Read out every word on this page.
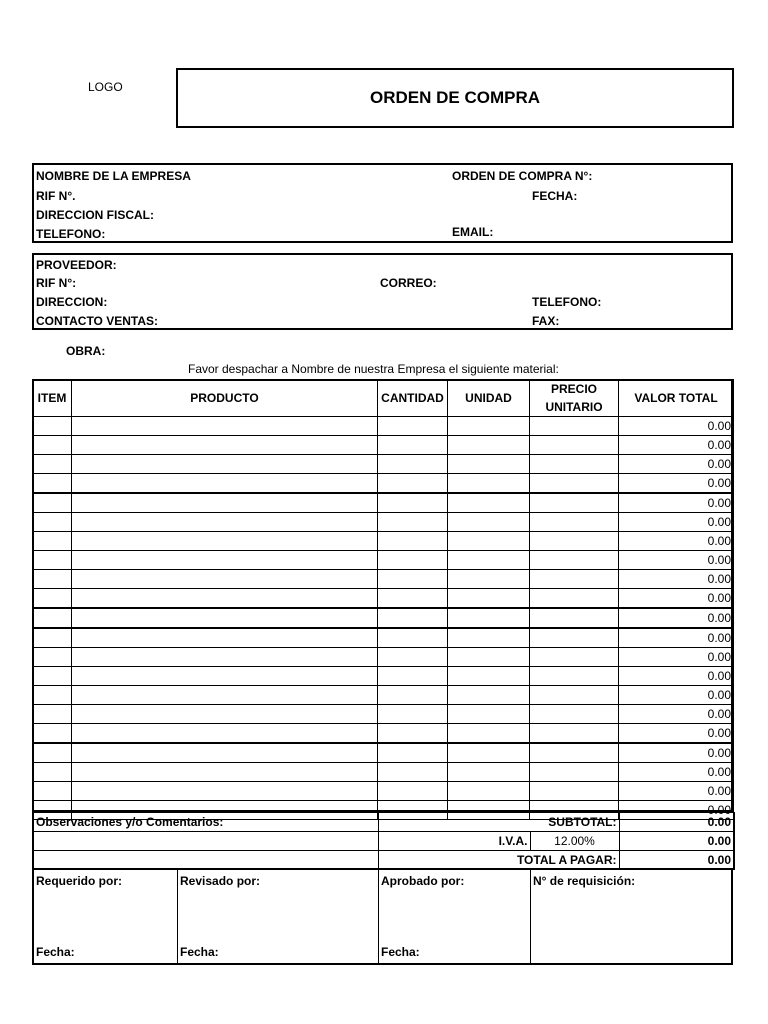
LOGO
ORDEN DE COMPRA
NOMBRE DE LA EMPRESA
RIF N°.
DIRECCION FISCAL:
TELEFONO:
ORDEN DE COMPRA N°:
FECHA:
EMAIL:
PROVEEDOR:
RIF N°:
DIRECCION:
CONTACTO VENTAS:
CORREO:
TELEFONO:
FAX:
OBRA:
Favor despachar a Nombre de nuestra Empresa el siguiente material:
ITEM	PRODUCTO	CANTIDAD	UNIDAD	PRECIO UNITARIO	VALOR TOTAL
					0.00
					0.00
					0.00
					0.00
					0.00
					0.00
					0.00
					0.00
					0.00
					0.00
					0.00
					0.00
					0.00
					0.00
					0.00
					0.00
					0.00
					0.00
					0.00
					0.00
					0.00
Observaciones y/o Comentarios:	SUBTOTAL:		0.00
	I.V.A.	12.00%	0.00
	TOTAL A PAGAR:		0.00
Requerido por:
Fecha:
Revisado por:
Fecha:
Aprobado por:
Fecha:
N° de requisición:
